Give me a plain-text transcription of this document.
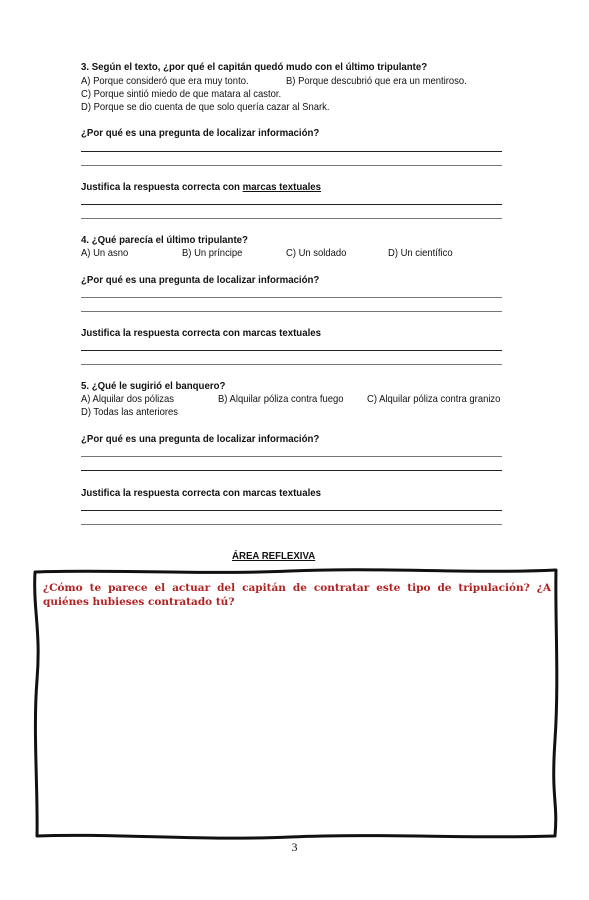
3. Según el texto, ¿por qué el capitán quedó mudo con el último tripulante?
A) Porque consideró que era muy tonto.	B) Porque descubrió que era un mentiroso.
C) Porque sintió miedo de que matara al castor.
D) Porque se dio cuenta de que solo quería cazar al Snark.
¿Por qué es una pregunta de localizar información?
Justifica la respuesta correcta con marcas textuales
4. ¿Qué parecía el último tripulante?
A) Un asno	B) Un príncipe	C) Un soldado	D) Un científico
¿Por qué es una pregunta de localizar información?
Justifica la respuesta correcta con marcas textuales
5. ¿Qué le sugirió el banquero?
A) Alquilar dos pólizas	B) Alquilar póliza contra fuego C) Alquilar póliza contra granizo
D) Todas las anteriores
¿Por qué es una pregunta de localizar información?
Justifica la respuesta correcta con marcas textuales
ÁREA REFLEXIVA
¿Cómo te parece el actuar del capitán de contratar este tipo de tripulación? ¿A quiénes hubieses contratado tú?
3
